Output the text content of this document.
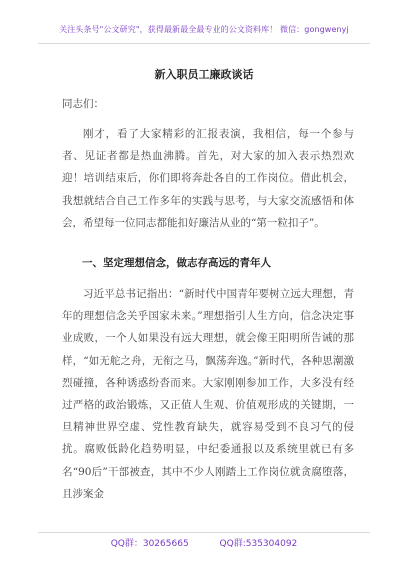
关注头条号"公文研究"，获得最新最全最专业的公文资料库！ 微信：gongwenyj
新入职员工廉政谈话
同志们：

刚才，看了大家精彩的汇报表演，我相信，每一个参与者、见证者都是热血沸腾。首先，对大家的加入表示热烈欢迎！培训结束后，你们即将奔赴各自的工作岗位。借此机会，我想就结合自己工作多年的实践与思考，与大家交流感悟和体会，希望每一位同志都能扣好廉洁从业的“第一粒扣子”。

一、坚定理想信念，做志存高远的青年人

习近平总书记指出：“新时代中国青年要树立远大理想，青年的理想信念关乎国家未来。”理想指引人生方向，信念决定事业成败，一个人如果没有远大理想，就会像王阳明所告诫的那样，“如无舵之舟，无衔之马，飘荡奔逸。”新时代，各种思潮激烈碰撞，各种诱惑纷沓而来。大家刚刚参加工作，大多没有经过严格的政治锻炼，又正值人生观、价值观形成的关键期，一旦精神世界空虚、党性教育缺失，就容易受到不良习气的侵扰。腐败低龄化趋势明显，中纪委通报以及系统里就已有多名“90后”干部被查，其中不少人刚踏上工作岗位就贪腐堕落，且涉案金

QQ群：30265665	QQ群:535304092
